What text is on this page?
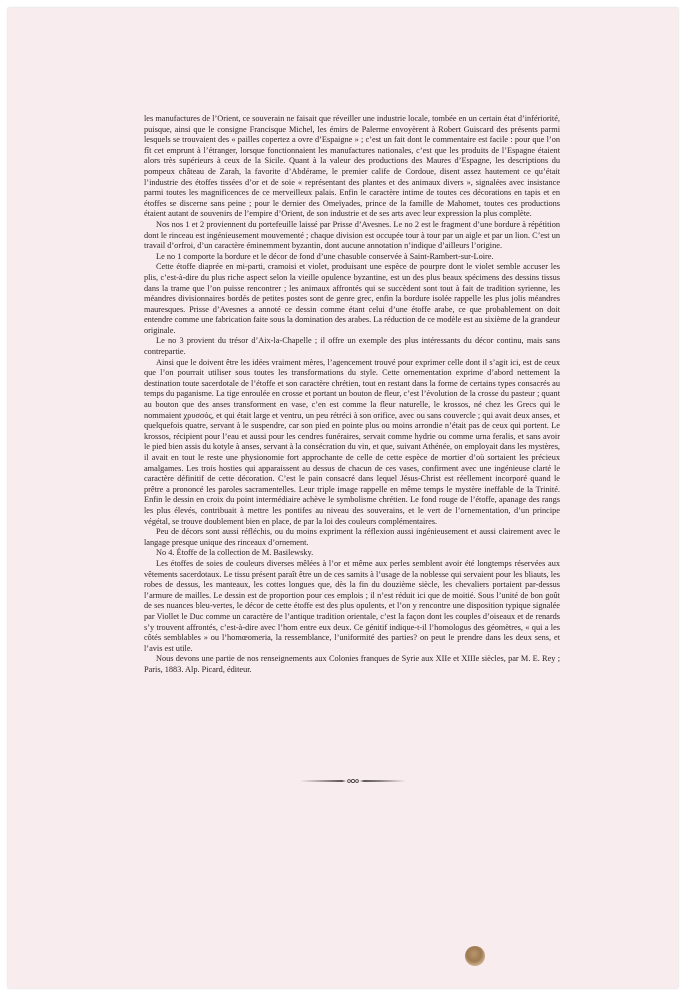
les manufactures de l’Orient, ce souverain ne faisait que réveiller une industrie locale, tombée en un certain état d’infériorité, puisque, ainsi que le consigne Francisque Michel, les émirs de Palerme envoyèrent à Robert Guiscard des présents parmi lesquels se trouvaient des « pailles copertez a ovre d’Espaigne » ; c’est un fait dont le commentaire est facile : pour que l’on fît cet emprunt à l’étranger, lorsque fonctionnaient les manufactures nationales, c’est que les produits de l’Espagne étaient alors très supérieurs à ceux de la Sicile. Quant à la valeur des productions des Maures d’Espagne, les descriptions du pompeux château de Zarah, la favorite d’Abdérame, le premier calife de Cordoue, disent assez hautement ce qu’était l’industrie des étoffes tissées d’or et de soie « représentant des plantes et des animaux divers », signalées avec insistance parmi toutes les magnificences de ce merveilleux palais. Enfin le caractère intime de toutes ces décorations en tapis et en étoffes se discerne sans peine ; pour le dernier des Omeïyades, prince de la famille de Mahomet, toutes ces productions étaient autant de souvenirs de l’empire d’Orient, de son industrie et de ses arts avec leur expression la plus complète.

Nos nos 1 et 2 proviennent du portefeuille laissé par Prisse d’Avesnes. Le no 2 est le fragment d’une bordure à répétition dont le rinceau est ingénieusement mouvementé ; chaque division est occupée tour à tour par un aigle et par un lion. C’est un travail d’orfroi, d’un caractère éminemment byzantin, dont aucune annotation n’indique d’ailleurs l’origine.

Le no 1 comporte la bordure et le décor de fond d’une chasuble conservée à Saint-Rambert-sur-Loire.

Cette étoffe diaprée en mi-parti, cramoisi et violet, produisant une espèce de pourpre dont le violet semble accuser les plis, c’est-à-dire du plus riche aspect selon la vieille opulence byzantine, est un des plus beaux spécimens des dessins tissus dans la trame que l’on puisse rencontrer ; les animaux affrontés qui se succèdent sont tout à fait de tradition syrienne, les méandres divisionnaires bordés de petites postes sont de genre grec, enfin la bordure isolée rappelle les plus jolis méandres mauresques. Prisse d’Avesnes a annoté ce dessin comme étant celui d’une étoffe arabe, ce que probablement on doit entendre comme une fabrication faite sous la domination des arabes. La réduction de ce modèle est au sixième de la grandeur originale.

Le no 3 provient du trésor d’Aix-la-Chapelle ; il offre un exemple des plus intéressants du décor continu, mais sans contrepartie.

Ainsi que le doivent être les idées vraiment mères, l’agencement trouvé pour exprimer celle dont il s’agit ici, est de ceux que l’on pourrait utiliser sous toutes les transformations du style. Cette ornementation exprime d’abord nettement la destination toute sacerdotale de l’étoffe et son caractère chrétien, tout en restant dans la forme de certains types consacrés au temps du paganisme. La tige enroulée en crosse et portant un bouton de fleur, c’est l’évolution de la crosse du pasteur ; quant au bouton que des anses transforment en vase, c’en est comme la fleur naturelle, le krossos, né chez les Grecs qui le nommaient χρυσσός, et qui était large et ventru, un peu rétréci à son orifice, avec ou sans couvercle ; qui avait deux anses, et quelquefois quatre, servant à le suspendre, car son pied en pointe plus ou moins arrondie n’était pas de ceux qui portent. Le krossos, récipient pour l’eau et aussi pour les cendres funéraires, servait comme hydrie ou comme urna feralis, et sans avoir le pied bien assis du kotyle à anses, servant à la consécration du vin, et que, suivant Athénée, on employait dans les mystères, il avait en tout le reste une physionomie fort approchante de celle de cette espèce de mortier d’où sortaient les précieux amalgames. Les trois hosties qui apparaissent au dessus de chacun de ces vases, confirment avec une ingénieuse clarté le caractère définitif de cette décoration. C’est le pain consacré dans lequel Jésus-Christ est réellement incorporé quand le prêtre a prononcé les paroles sacramentelles. Leur triple image rappelle en même temps le mystère ineffable de la Trinité. Enfin le dessin en croix du point intermédiaire achève le symbolisme chrétien. Le fond rouge de l’étoffe, apanage des rangs les plus élevés, contribuait à mettre les pontifes au niveau des souverains, et le vert de l’ornementation, d’un principe végétal, se trouve doublement bien en place, de par la loi des couleurs complémentaires.

Peu de décors sont aussi réfléchis, ou du moins expriment la réflexion aussi ingénieusement et aussi clairement avec le langage presque unique des rinceaux d’ornement.

No 4. Étoffe de la collection de M. Basilewsky.

Les étoffes de soies de couleurs diverses mêlées à l’or et même aux perles semblent avoir été longtemps réservées aux vêtements sacerdotaux. Le tissu présent paraît être un de ces samits à l’usage de la noblesse qui servaient pour les bliauts, les robes de dessus, les manteaux, les cottes longues que, dès la fin du douzième siècle, les chevaliers portaient par-dessus l’armure de mailles. Le dessin est de proportion pour ces emplois ; il n’est réduit ici que de moitié. Sous l’unité de bon goût de ses nuances bleu-vertes, le décor de cette étoffe est des plus opulents, et l’on y rencontre une disposition typique signalée par Viollet le Duc comme un caractère de l’antique tradition orientale, c’est la façon dont les couples d’oiseaux et de renards s’y trouvent affrontés, c’est-à-dire avec l’hom entre eux deux. Ce génitif indique-t-il l’homologus des géomètres, « qui a les côtés semblables » ou l’homœomeria, la ressemblance, l’uniformité des parties? on peut le prendre dans les deux sens, et l’avis est utile.

Nous devons une partie de nos renseignements aux Colonies franques de Syrie aux XIIe et XIIIe siècles, par M. E. Rey ; Paris, 1883. Alp. Picard, éditeur.
